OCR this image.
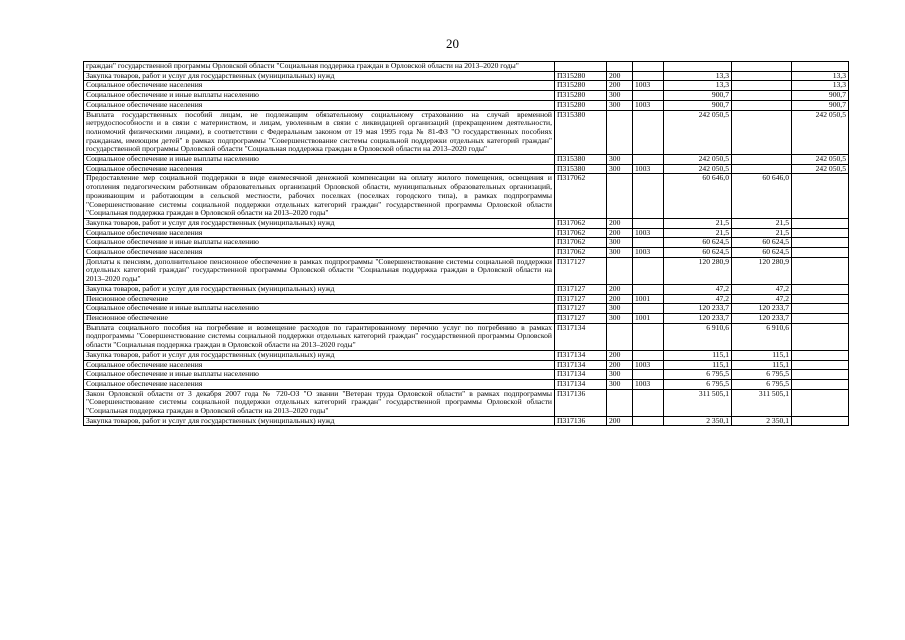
20
граждан" государственной программы Орловской области "Социальная поддержка граждан в Орловской области на 2013–2020 годы"						
Закупка товаров, работ и услуг для государственных (муниципальных) нужд	П315280	200		13,3		13,3
Социальное обеспечение населения	П315280	200	1003	13,3		13,3
Социальное обеспечение и иные выплаты населению	П315280	300		900,7		900,7
Социальное обеспечение населения	П315280	300	1003	900,7		900,7
Выплата государственных пособий лицам, не подлежащим обязательному социальному страхованию на случай временной нетрудоспособности и в связи с материнством, и лицам, уволенным в связи с ликвидацией организаций (прекращением деятельности, полномочий физическими лицами), в соответствии с Федеральным законом от 19 мая 1995 года № 81-ФЗ "О государственных пособиях гражданам, имеющим детей" в рамках подпрограммы "Совершенствование системы социальной поддержки отдельных категорий граждан" государственной программы Орловской области "Социальная поддержка граждан в Орловской области на 2013–2020 годы"	П315380			242 050,5		242 050,5
Социальное обеспечение и иные выплаты населению	П315380	300		242 050,5		242 050,5
Социальное обеспечение населения	П315380	300	1003	242 050,5		242 050,5
Предоставление мер социальной поддержки в виде ежемесячной денежной компенсации на оплату жилого помещения, освещения и отопления педагогическим работникам образовательных организаций Орловской области, муниципальных образовательных организаций, проживающим и работающим в сельской местности, рабочих поселках (поселках городского типа), в рамках подпрограммы "Совершенствование системы социальной поддержки отдельных категорий граждан" государственной программы Орловской области "Социальная поддержка граждан в Орловской области на 2013–2020 годы"	П317062			60 646,0	60 646,0	
Закупка товаров, работ и услуг для государственных (муниципальных) нужд	П317062	200		21,5	21,5	
Социальное обеспечение населения	П317062	200	1003	21,5	21,5	
Социальное обеспечение и иные выплаты населению	П317062	300		60 624,5	60 624,5	
Социальное обеспечение населения	П317062	300	1003	60 624,5	60 624,5	
Доплаты к пенсиям, дополнительное пенсионное обеспечение в рамках подпрограммы "Совершенствование системы социальной поддержки отдельных категорий граждан" государственной программы Орловской области "Социальная поддержка граждан в Орловской области на 2013–2020 годы"	П317127			120 280,9	120 280,9	
Закупка товаров, работ и услуг для государственных (муниципальных) нужд	П317127	200		47,2	47,2	
Пенсионное обеспечение	П317127	200	1001	47,2	47,2	
Социальное обеспечение и иные выплаты населению	П317127	300		120 233,7	120 233,7	
Пенсионное обеспечение	П317127	300	1001	120 233,7	120 233,7	
Выплата социального пособия на погребение и возмещение расходов по гарантированному перечню услуг по погребению в рамках подпрограммы "Совершенствование системы социальной поддержки отдельных категорий граждан" государственной программы Орловской области "Социальная поддержка граждан в Орловской области на 2013–2020 годы"	П317134			6 910,6	6 910,6	
Закупка товаров, работ и услуг для государственных (муниципальных) нужд	П317134	200		115,1	115,1	
Социальное обеспечение населения	П317134	200	1003	115,1	115,1	
Социальное обеспечение и иные выплаты населению	П317134	300		6 795,5	6 795,5	
Социальное обеспечение населения	П317134	300	1003	6 795,5	6 795,5	
Закон Орловской области от 3 декабря 2007 года № 720-ОЗ "О звании "Ветеран труда Орловской области" в рамках подпрограммы "Совершенствование системы социальной поддержки отдельных категорий граждан" государственной программы Орловской области "Социальная поддержка граждан в Орловской области на 2013–2020 годы"	П317136			311 505,1	311 505,1	
Закупка товаров, работ и услуг для государственных (муниципальных) нужд	П317136	200		2 350,1	2 350,1	
